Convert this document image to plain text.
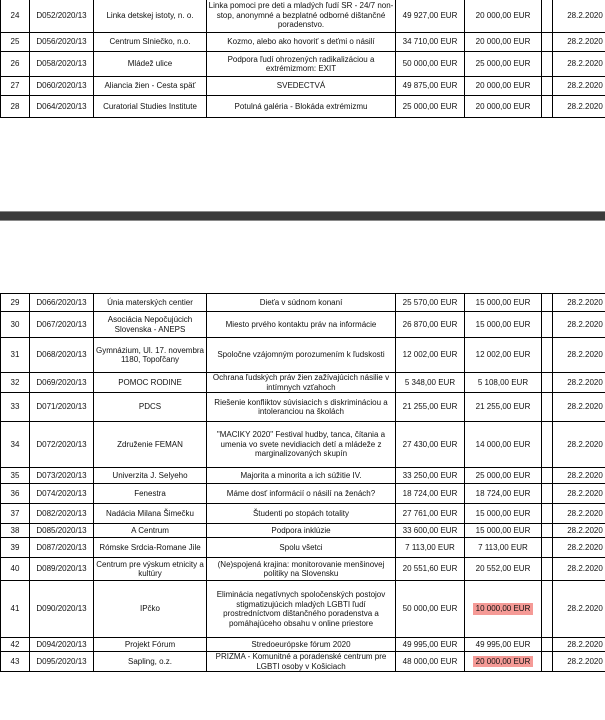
24	D052/2020/13	Linka detskej istoty, n. o.	Linka pomoci pre deti a mladých ľudí SR - 24/7 non-stop, anonymné a bezplatné odborné dištančné poradenstvo.	49 927,00 EUR	20 000,00 EUR		28.2.2020
25	D056/2020/13	Centrum Slniečko, n.o.	Kozmo, alebo ako hovoriť s deťmi o násilí	34 710,00 EUR	20 000,00 EUR		28.2.2020
26	D058/2020/13	Mládež ulice	Podpora ľudí ohrozených radikalizáciou a extrémizmom: EXIT	50 000,00 EUR	25 000,00 EUR		28.2.2020
27	D060/2020/13	Aliancia žien - Cesta späť	SVEDECTVÁ	49 875,00 EUR	20 000,00 EUR		28.2.2020
28	D064/2020/13	Curatorial Studies Institute	Potulná galéria - Blokáda extrémizmu	25 000,00 EUR	20 000,00 EUR		28.2.2020
29	D066/2020/13	Únia materských centier	Dieťa v súdnom konaní	25 570,00 EUR	15 000,00 EUR		28.2.2020
30	D067/2020/13	Asociácia Nepočujúcich Slovenska - ANEPS	Miesto prvého kontaktu práv na informácie	26 870,00 EUR	15 000,00 EUR		28.2.2020
31	D068/2020/13	Gymnázium, Ul. 17. novembra 1180, Topoľčany	Spoločne vzájomným porozumením k ľudskosti	12 002,00 EUR	12 002,00 EUR		28.2.2020
32	D069/2020/13	POMOC RODINE	Ochrana ľudských práv žien zažívajúcich násilie v intímnych vzťahoch	5 348,00 EUR	5 108,00 EUR		28.2.2020
33	D071/2020/13	PDCS	Riešenie konfliktov súvisiacich s diskrimináciou a intoleranciou na školách	21 255,00 EUR	21 255,00 EUR		28.2.2020
34	D072/2020/13	Združenie FEMAN	"MACIKY 2020" Festival hudby, tanca, čítania a umenia vo svete nevidiacich detí a mládeže z marginalizovaných skupín	27 430,00 EUR	14 000,00 EUR		28.2.2020
35	D073/2020/13	Univerzita J. Selyeho	Majorita a minorita a ich súžitie IV.	33 250,00 EUR	25 000,00 EUR		28.2.2020
36	D074/2020/13	Fenestra	Máme dosť informácií o násilí na ženách?	18 724,00 EUR	18 724,00 EUR		28.2.2020
37	D082/2020/13	Nadácia Milana Šimečku	Študenti po stopách totality	27 761,00 EUR	15 000,00 EUR		28.2.2020
38	D085/2020/13	A Centrum	Podpora inklúzie	33 600,00 EUR	15 000,00 EUR		28.2.2020
39	D087/2020/13	Rómske Srdcia-Romane Jile	Spolu všetci	7 113,00 EUR	7 113,00 EUR		28.2.2020
40	D089/2020/13	Centrum pre výskum etnicity a kultúry	(Ne)spojená krajina: monitorovanie menšinovej politiky na Slovensku	20 551,60 EUR	20 552,00 EUR		28.2.2020
41	D090/2020/13	IPčko	Eliminácia negatívnych spoločenských postojov stigmatizujúcich mladých LGBTI ľudí prostredníctvom dištančného poradenstva a pomáhajúceho obsahu v online priestore	50 000,00 EUR	10 000,00 EUR		28.2.2020
42	D094/2020/13	Projekt Fórum	Stredoeurópske fórum 2020	49 995,00 EUR	49 995,00 EUR		28.2.2020
43	D095/2020/13	Sapling, o.z.	PRIZMA - Komunitné a poradenské centrum pre LGBTI osoby v Košiciach	48 000,00 EUR	20 000,00 EUR		28.2.2020
